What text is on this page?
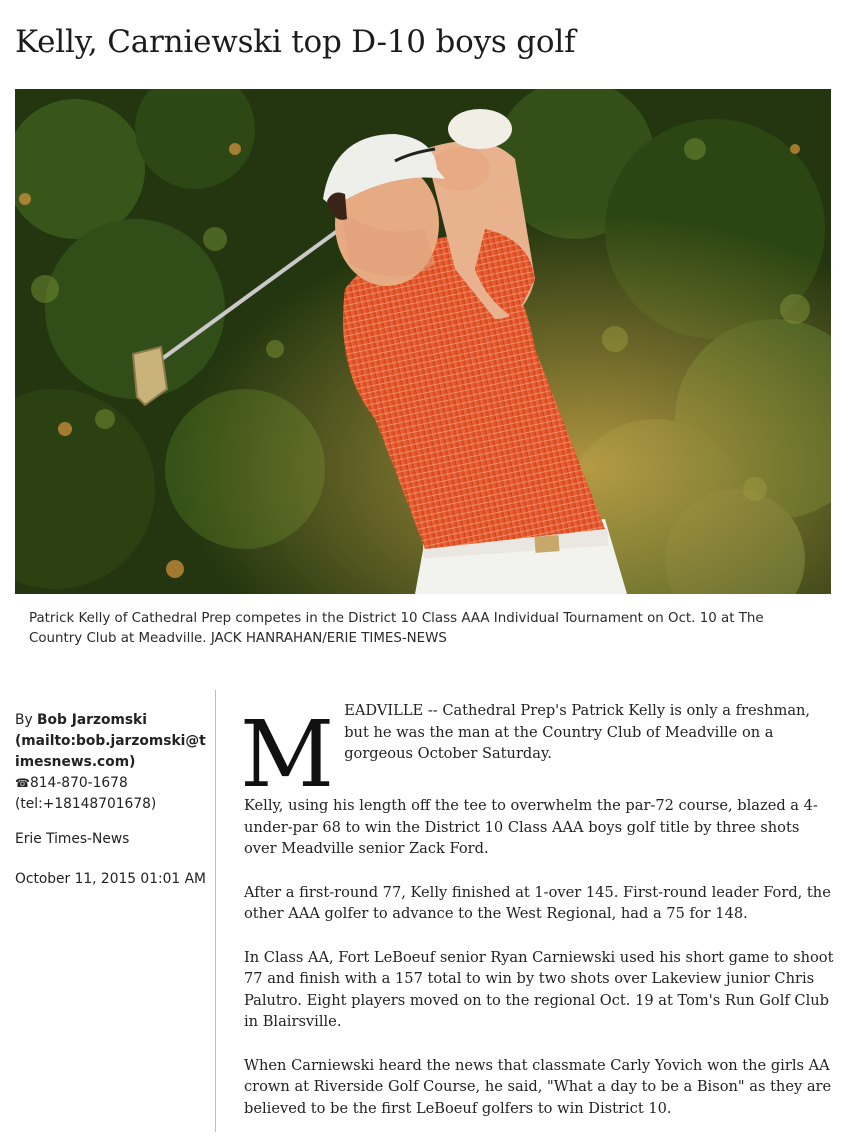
Kelly, Carniewski top D-10 boys golf

Patrick Kelly of Cathedral Prep competes in the District 10 Class AAA Individual Tournament on Oct. 10 at The Country Club at Meadville. JACK HANRAHAN/ERIE TIMES-NEWS

By Bob Jarzomski
(mailto:bob.jarzomski@timesnews.com)
☎814-870-1678
(tel:+18148701678)
Erie Times-News
October 11, 2015 01:01 AM

MEADVILLE -- Cathedral Prep's Patrick Kelly is only a freshman, but he was the man at the Country Club of Meadville on a gorgeous October Saturday.

Kelly, using his length off the tee to overwhelm the par-72 course, blazed a 4-under-par 68 to win the District 10 Class AAA boys golf title by three shots over Meadville senior Zack Ford.

After a first-round 77, Kelly finished at 1-over 145. First-round leader Ford, the other AAA golfer to advance to the West Regional, had a 75 for 148.

In Class AA, Fort LeBoeuf senior Ryan Carniewski used his short game to shoot 77 and finish with a 157 total to win by two shots over Lakeview junior Chris Palutro. Eight players moved on to the regional Oct. 19 at Tom's Run Golf Club in Blairsville.

When Carniewski heard the news that classmate Carly Yovich won the girls AA crown at Riverside Golf Course, he said, "What a day to be a Bison" as they are believed to be the first LeBoeuf golfers to win District 10.
